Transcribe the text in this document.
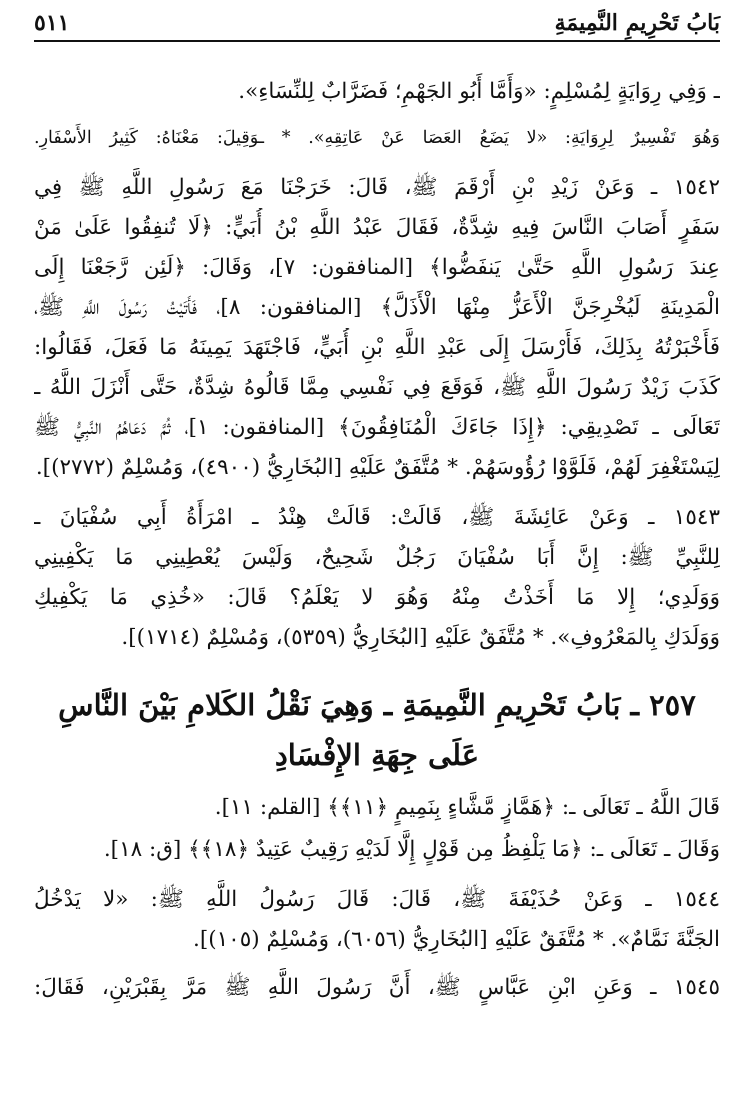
٥١١	بَابُ تَحْرِيمِ النَّمِيمَةِ
ـ وَفِي رِوَايَةٍ لِمُسْلِمٍ: «وَأَمَّا أَبُو الجَهْمِ؛ فَضَرَّابٌ لِلنِّسَاءِ».
وَهُوَ تَفْسِيرٌ لِرِوَايَةِ: «لا يَضَعُ العَصَا عَنْ عَاتِقِهِ». * ـوَقِيلَ: مَعْنَاهُ: كَثِيرُ الأَسْفَارِ.
١٥٤٢ ـ وَعَنْ زَيْدِ بْنِ أَرْقَمَ ﷺ، قَالَ: خَرَجْنَا مَعَ رَسُولِ اللَّهِ ﷺ فِي
سَفَرٍ أَصَابَ النَّاسَ فِيهِ شِدَّةٌ، فَقَالَ عَبْدُ اللَّهِ بْنُ أُبَيٍّ: ﴿لَا تُنفِقُوا عَلَىٰ مَنْ
عِندَ رَسُولِ اللَّهِ حَتَّىٰ يَنفَضُّوا﴾ [المنافقون: ٧]، وَقَالَ: ﴿لَئِن رَّجَعْنَا إِلَى
الْمَدِينَةِ لَيُخْرِجَنَّ الْأَعَزُّ مِنْهَا الْأَذَلَّ﴾ [المنافقون: ٨]، فَأَتَيْتُ رَسُولَ اللَّهِ ﷺ،
فَأَخْبَرْتُهُ بِذَلِكَ، فَأَرْسَلَ إِلَى عَبْدِ اللَّهِ بْنِ أُبَيٍّ، فَاجْتَهَدَ يَمِينَهُ مَا فَعَلَ، فَقَالُوا:
كَذَبَ زَيْدٌ رَسُولَ اللَّهِ ﷺ، فَوَقَعَ فِي نَفْسِي مِمَّا قَالُوهُ شِدَّةٌ، حَتَّى أَنْزَلَ اللَّهُ ـ
تَعَالَى ـ تَصْدِيقِي: ﴿إِذَا جَاءَكَ الْمُنَافِقُونَ﴾ [المنافقون: ١]، ثُمَّ دَعَاهُمُ النَّبِيُّ ﷺ
لِيَسْتَغْفِرَ لَهُمْ، فَلَوَّوْا رُؤُوسَهُمْ. * مُتَّفَقٌ عَلَيْهِ [البُخَارِيُّ (٤٩٠٠)، وَمُسْلِمٌ (٢٧٧٢)].
١٥٤٣ ـ وَعَنْ عَائِشَةَ ﷺ، قَالَتْ: قَالَتْ هِنْدُ ـ امْرَأَةُ أَبِي سُفْيَانَ ـ
لِلنَّبِيِّ ﷺ: إِنَّ أَبَا سُفْيَانَ رَجُلٌ شَحِيحٌ، وَلَيْسَ يُعْطِينِي مَا يَكْفِينِي
وَوَلَدِي؛ إِلا مَا أَخَذْتُ مِنْهُ وَهُوَ لا يَعْلَمُ؟ قَالَ: «خُذِي مَا يَكْفِيكِ
وَوَلَدَكِ بِالمَعْرُوفِ». * مُتَّفَقٌ عَلَيْهِ [البُخَارِيُّ (٥٣٥٩)، وَمُسْلِمٌ (١٧١٤)].
٢٥٧ ـ بَابُ تَحْرِيمِ النَّمِيمَةِ ـ وَهِيَ نَقْلُ الكَلامِ بَيْنَ النَّاسِ
عَلَى جِهَةِ الإِفْسَادِ
قَالَ اللَّهُ ـ تَعَالَى ـ: ﴿هَمَّازٍ مَّشَّاءٍ بِنَمِيمٍ ﴿١١﴾﴾ [القلم: ١١].
وَقَالَ ـ تَعَالَى ـ: ﴿مَا يَلْفِظُ مِن قَوْلٍ إِلَّا لَدَيْهِ رَقِيبٌ عَتِيدٌ ﴿١٨﴾﴾ [ق: ١٨].
١٥٤٤ ـ وَعَنْ حُذَيْفَةَ ﷺ، قَالَ: قَالَ رَسُولُ اللَّهِ ﷺ: «لا يَدْخُلُ
الجَنَّةَ نَمَّامٌ». * مُتَّفَقٌ عَلَيْهِ [البُخَارِيُّ (٦٠٥٦)، وَمُسْلِمٌ (١٠٥)].
١٥٤٥ ـ وَعَنِ ابْنِ عَبَّاسٍ ﷺ، أَنَّ رَسُولَ اللَّهِ ﷺ مَرَّ بِقَبْرَيْنِ، فَقَالَ:
